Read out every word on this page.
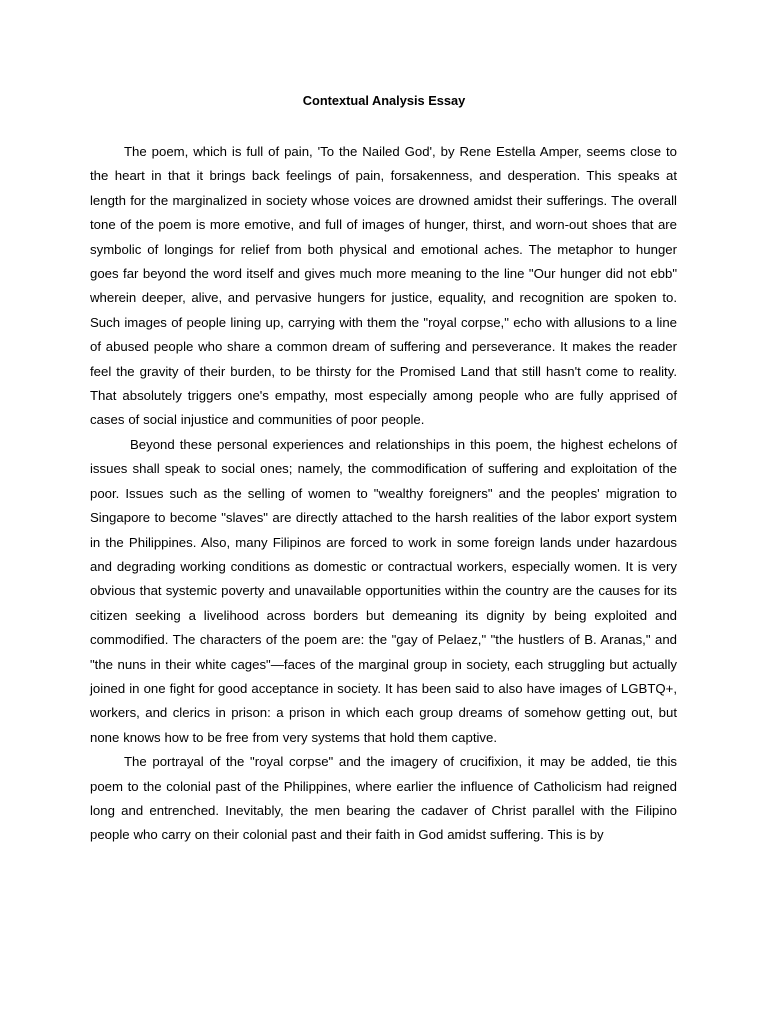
Contextual Analysis Essay

The poem, which is full of pain, 'To the Nailed God', by Rene Estella Amper, seems close to the heart in that it brings back feelings of pain, forsakenness, and desperation. This speaks at length for the marginalized in society whose voices are drowned amidst their sufferings. The overall tone of the poem is more emotive, and full of images of hunger, thirst, and worn-out shoes that are symbolic of longings for relief from both physical and emotional aches. The metaphor to hunger goes far beyond the word itself and gives much more meaning to the line "Our hunger did not ebb" wherein deeper, alive, and pervasive hungers for justice, equality, and recognition are spoken to. Such images of people lining up, carrying with them the "royal corpse," echo with allusions to a line of abused people who share a common dream of suffering and perseverance. It makes the reader feel the gravity of their burden, to be thirsty for the Promised Land that still hasn't come to reality. That absolutely triggers one's empathy, most especially among people who are fully apprised of cases of social injustice and communities of poor people.

Beyond these personal experiences and relationships in this poem, the highest echelons of issues shall speak to social ones; namely, the commodification of suffering and exploitation of the poor. Issues such as the selling of women to "wealthy foreigners" and the peoples' migration to Singapore to become "slaves" are directly attached to the harsh realities of the labor export system in the Philippines. Also, many Filipinos are forced to work in some foreign lands under hazardous and degrading working conditions as domestic or contractual workers, especially women. It is very obvious that systemic poverty and unavailable opportunities within the country are the causes for its citizen seeking a livelihood across borders but demeaning its dignity by being exploited and commodified. The characters of the poem are: the "gay of Pelaez," "the hustlers of B. Aranas," and "the nuns in their white cages"—faces of the marginal group in society, each struggling but actually joined in one fight for good acceptance in society. It has been said to also have images of LGBTQ+, workers, and clerics in prison: a prison in which each group dreams of somehow getting out, but none knows how to be free from very systems that hold them captive.

The portrayal of the "royal corpse" and the imagery of crucifixion, it may be added, tie this poem to the colonial past of the Philippines, where earlier the influence of Catholicism had reigned long and entrenched. Inevitably, the men bearing the cadaver of Christ parallel with the Filipino people who carry on their colonial past and their faith in God amidst suffering. This is by
